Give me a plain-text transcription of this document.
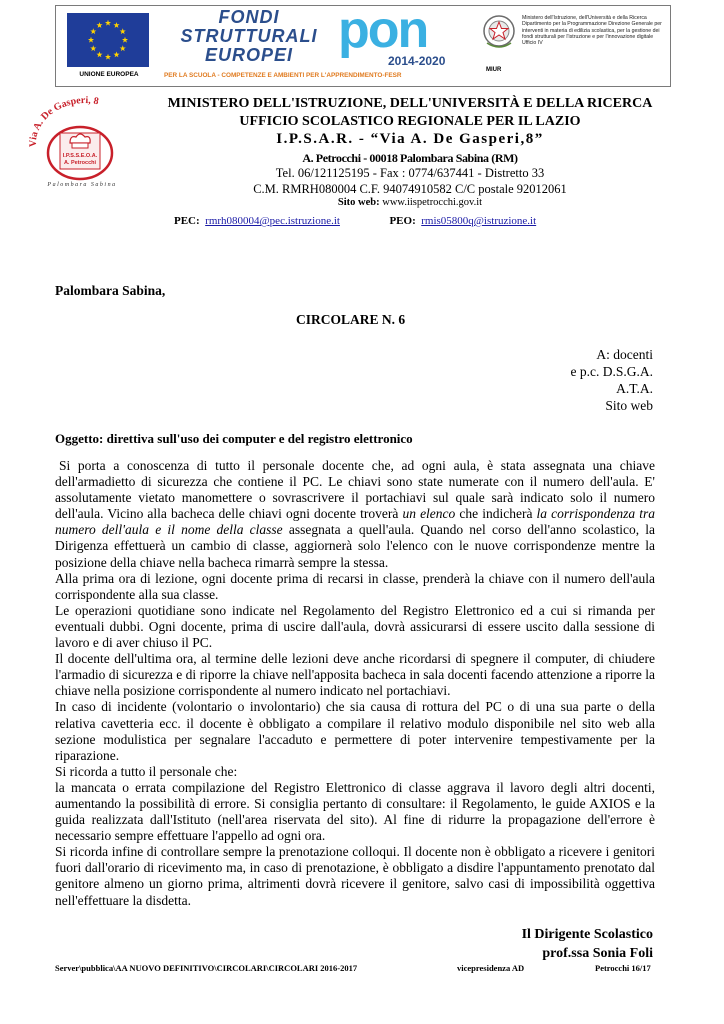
UNIONE EUROPEA
FONDI
STRUTTURALI
EUROPEI pon
2014-2020
PER LA SCUOLA - COMPETENZE E AMBIENTI PER L'APPRENDIMENTO-FESR
MIUR
Ministero dell'Istruzione, dell'Università e della Ricerca Dipartimento per la Programmazione Direzione Generale per interventi in materia di edilizia scolastica, per la gestione dei fondi strutturali per l'istruzione e per l'innovazione digitale Ufficio IV
Via A. De Gasperi, 8
I.P.S.S.E.O.A.
A. Petrocchi
Palombara Sabina
MINISTERO DELL'ISTRUZIONE, DELL'UNIVERSITÀ E DELLA RICERCA
UFFICIO SCOLASTICO REGIONALE PER IL LAZIO
I.P.S.A.R. - “Via A. De Gasperi,8”
A. Petrocchi - 00018 Palombara Sabina (RM)
Tel. 06/121125195 - Fax : 0774/637441 - Distretto 33
C.M. RMRH080004 C.F. 94074910582 C/C postale 92012061
Sito web: www.iispetrocchi.gov.it
PEC: rmrh080004@pec.istruzione.it	PEO: rmis05800q@istruzione.it
Palombara Sabina,
CIRCOLARE N. 6
A: docenti
e p.c. D.S.G.A.
A.T.A.
Sito web
Oggetto: direttiva sull'uso dei computer e del registro elettronico

Si porta a conoscenza di tutto il personale docente che, ad ogni aula, è stata assegnata una chiave dell'armadietto di sicurezza che contiene il PC. Le chiavi sono state numerate con il numero dell'aula. E' assolutamente vietato manomettere o sovrascrivere il portachiavi sul quale sarà indicato solo il numero dell'aula. Vicino alla bacheca delle chiavi ogni docente troverà un elenco che indicherà la corrispondenza tra numero dell'aula e il nome della classe assegnata a quell'aula. Quando nel corso dell'anno scolastico, la Dirigenza effettuerà un cambio di classe, aggiornerà solo l'elenco con le nuove corrispondenze mentre la posizione della chiave nella bacheca rimarrà sempre la stessa.

Alla prima ora di lezione, ogni docente prima di recarsi in classe, prenderà la chiave con il numero dell'aula corrispondente alla sua classe.

Le operazioni quotidiane sono indicate nel Regolamento del Registro Elettronico ed a cui si rimanda per eventuali dubbi. Ogni docente, prima di uscire dall'aula, dovrà assicurarsi di essere uscito dalla sessione di lavoro e di aver chiuso il PC.

Il docente dell'ultima ora, al termine delle lezioni deve anche ricordarsi di spegnere il computer, di chiudere l'armadio di sicurezza e di riporre la chiave nell'apposita bacheca in sala docenti facendo attenzione a riporre la chiave nella posizione corrispondente al numero indicato nel portachiavi.

In caso di incidente (volontario o involontario) che sia causa di rottura del PC o di una sua parte o della relativa cavetteria ecc. il docente è obbligato a compilare il relativo modulo disponibile nel sito web alla sezione modulistica per segnalare l'accaduto e permettere di poter intervenire tempestivamente per la riparazione.

Si ricorda a tutto il personale che:

la mancata o errata compilazione del Registro Elettronico di classe aggrava il lavoro degli altri docenti, aumentando la possibilità di errore. Si consiglia pertanto di consultare: il Regolamento, le guide AXIOS e la guida realizzata dall'Istituto (nell'area riservata del sito). Al fine di ridurre la propagazione dell'errore è necessario sempre effettuare l'appello ad ogni ora.

Si ricorda infine di controllare sempre la prenotazione colloqui. Il docente non è obbligato a ricevere i genitori fuori dall'orario di ricevimento ma, in caso di prenotazione, è obbligato a disdire l'appuntamento prenotato dal genitore almeno un giorno prima, altrimenti dovrà ricevere il genitore, salvo casi di impossibilità oggettiva nell'effettuare la disdetta.

Il Dirigente Scolastico
prof.ssa Sonia Foli
Server\pubblica\AA NUOVO DEFINITIVO\CIRCOLARI\CIRCOLARI 2016-2017	vicepresidenza AD	Petrocchi 16/17
